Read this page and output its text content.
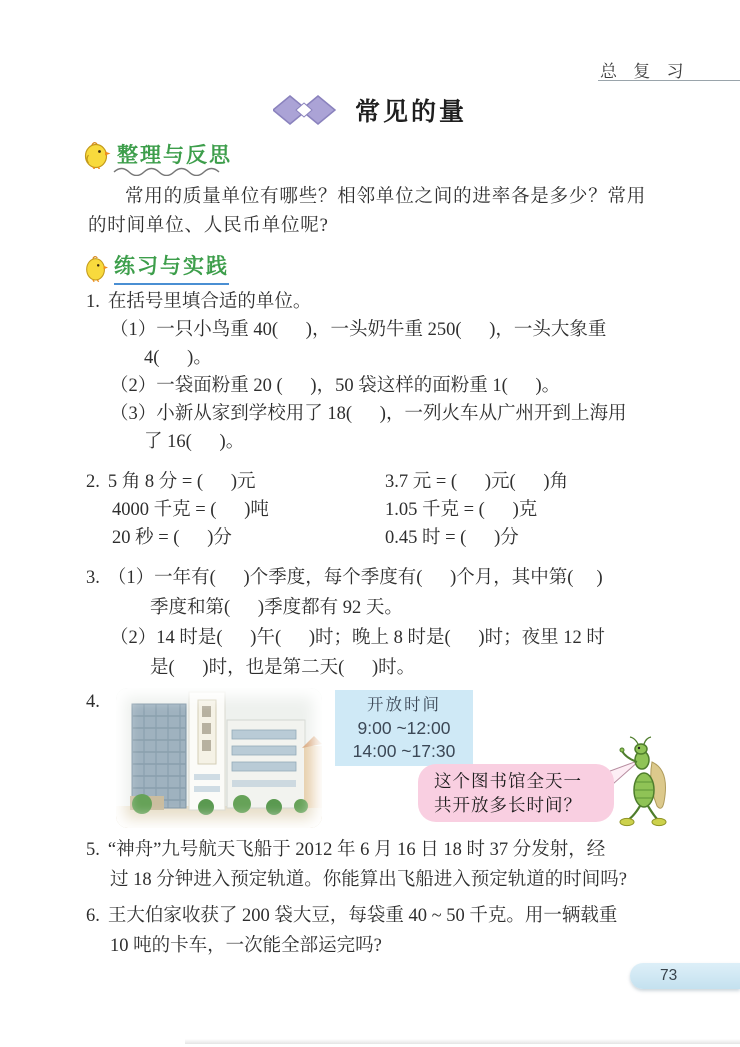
总 复 习
常见的量
整理与反思
常用的质量单位有哪些？相邻单位之间的进率各是多少？常用
的时间单位、人民币单位呢?
练习与实践
1. 在括号里填合适的单位。
（1）一只小鸟重 40(      )，一头奶牛重 250(      )，一头大象重
4(      )。
（2）一袋面粉重 20 (      )，50 袋这样的面粉重 1(      )。
（3）小新从家到学校用了 18(      )，一列火车从广州开到上海用
了 16(      )。
2. 5 角 8 分 = (      )元	3.7 元 = (      )元(      )角
4000 千克 = (      )吨	1.05 千克 = (      )克
20 秒 = (      )分	0.45 时 = (      )分
3. （1）一年有(      )个季度，每个季度有(      )个月，其中第(     )
季度和第(      )季度都有 92 天。
（2）14 时是(      )午(      )时；晚上 8 时是(      )时；夜里 12 时
是(      )时，也是第二天(      )时。
4.	开放时间
9:00 ~12:00
14:00 ~17:30
这个图书馆全天一
共开放多长时间？
5. “神舟”九号航天飞船于 2012 年 6 月 16 日 18 时 37 分发射，经
过 18 分钟进入预定轨道。你能算出飞船进入预定轨道的时间吗?
6. 王大伯家收获了 200 袋大豆，每袋重 40 ~ 50 千克。用一辆载重
10 吨的卡车，一次能全部运完吗?
73
